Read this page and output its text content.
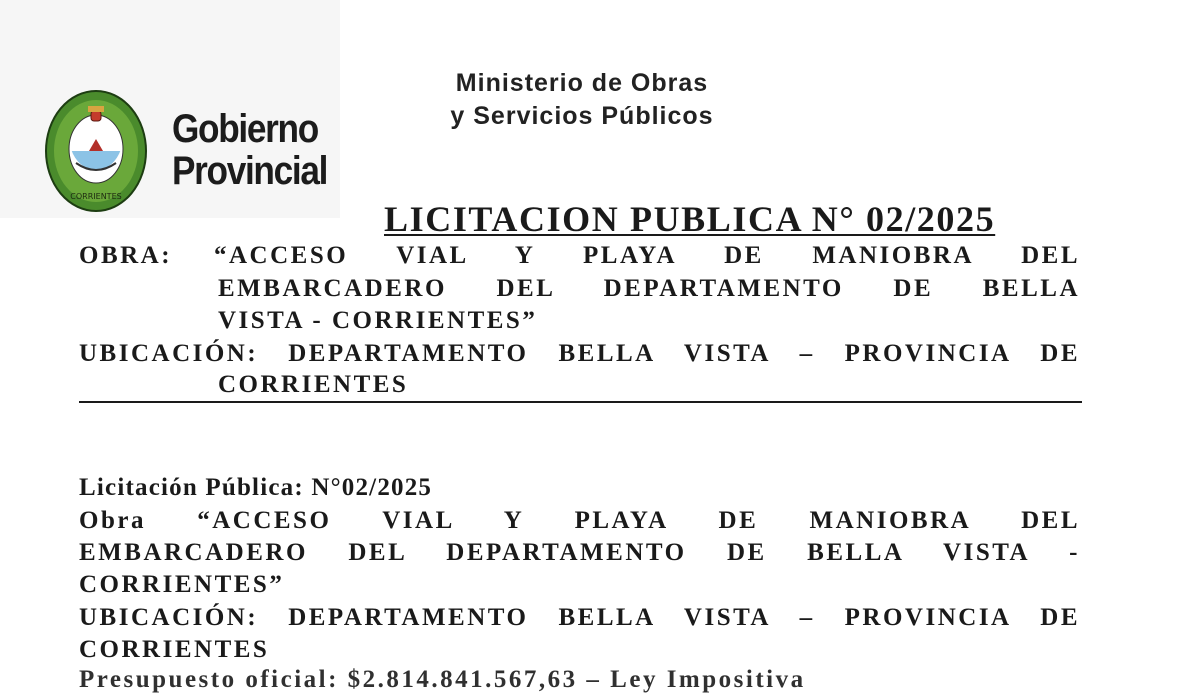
CORRIENTES
Gobierno
Provincial
Ministerio de Obras
y Servicios Públicos
LICITACION PUBLICA N° 02/2025
OBRA: “ACCESO VIAL Y PLAYA DE MANIOBRA DEL
EMBARCADERO DEL DEPARTAMENTO DE BELLA
VISTA - CORRIENTES”
UBICACIÓN: DEPARTAMENTO BELLA VISTA – PROVINCIA DE
CORRIENTES
Licitación Pública: N°02/2025
Obra “ACCESO VIAL Y PLAYA DE MANIOBRA DEL
EMBARCADERO DEL DEPARTAMENTO DE BELLA VISTA -
CORRIENTES”
UBICACIÓN: DEPARTAMENTO BELLA VISTA – PROVINCIA DE
CORRIENTES
Presupuesto oficial: $2.814.841.567,63 – Ley Impositiva
